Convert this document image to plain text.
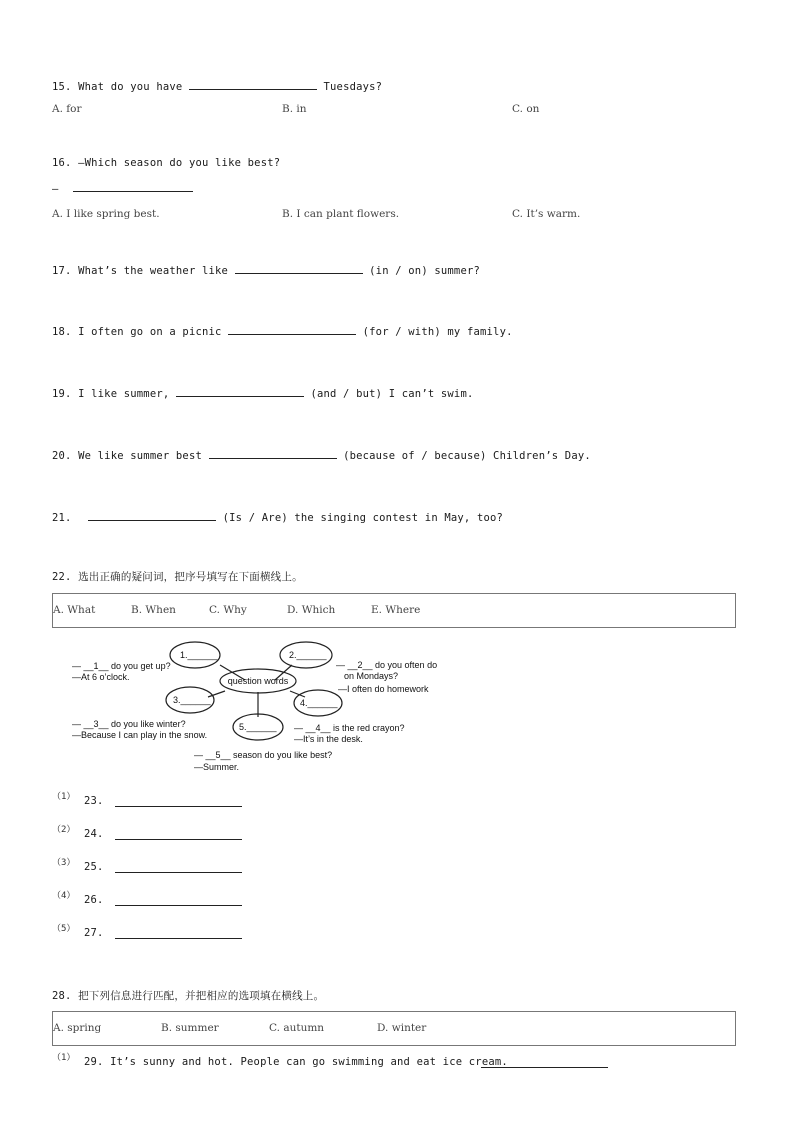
15. What do you have	Tuesdays?
A. for	B. in	C. on
16. —Which season do you like best?
—
A. I like spring best.	B. I can plant flowers.	C. It’s warm.
17. What’s the weather like	(in / on) summer?
18. I often go on a picnic	(for / with) my family.
19. I like summer,	(and / but) I can’t swim.
20. We like summer best	(because of / because) Children’s Day.
21.	(Is / Are) the singing contest in May, too?
22. 选出正确的疑问词，把序号填写在下面横线上。
A. What	B. When	C. Why	D. Which	E. Where
question words
1.______	2.______
3.______	4.______
5.______
— __1__ do you get up?
—At 6 o’clock.
— __2__ do you often do
on Mondays?
—I often do homework
— __3__ do you like winter?
—Because I can play in the snow.
— __4__ is the red crayon?
—It’s in the desk.
— __5__ season do you like best?
—Summer.
（1） 23.
（2） 24.
（3） 25.
（4） 26.
（5） 27.
28. 把下列信息进行匹配，并把相应的选项填在横线上。
A. spring	B. summer	C. autumn	D. winter
（1） 29. It’s sunny and hot. People can go swimming and eat ice cream.
